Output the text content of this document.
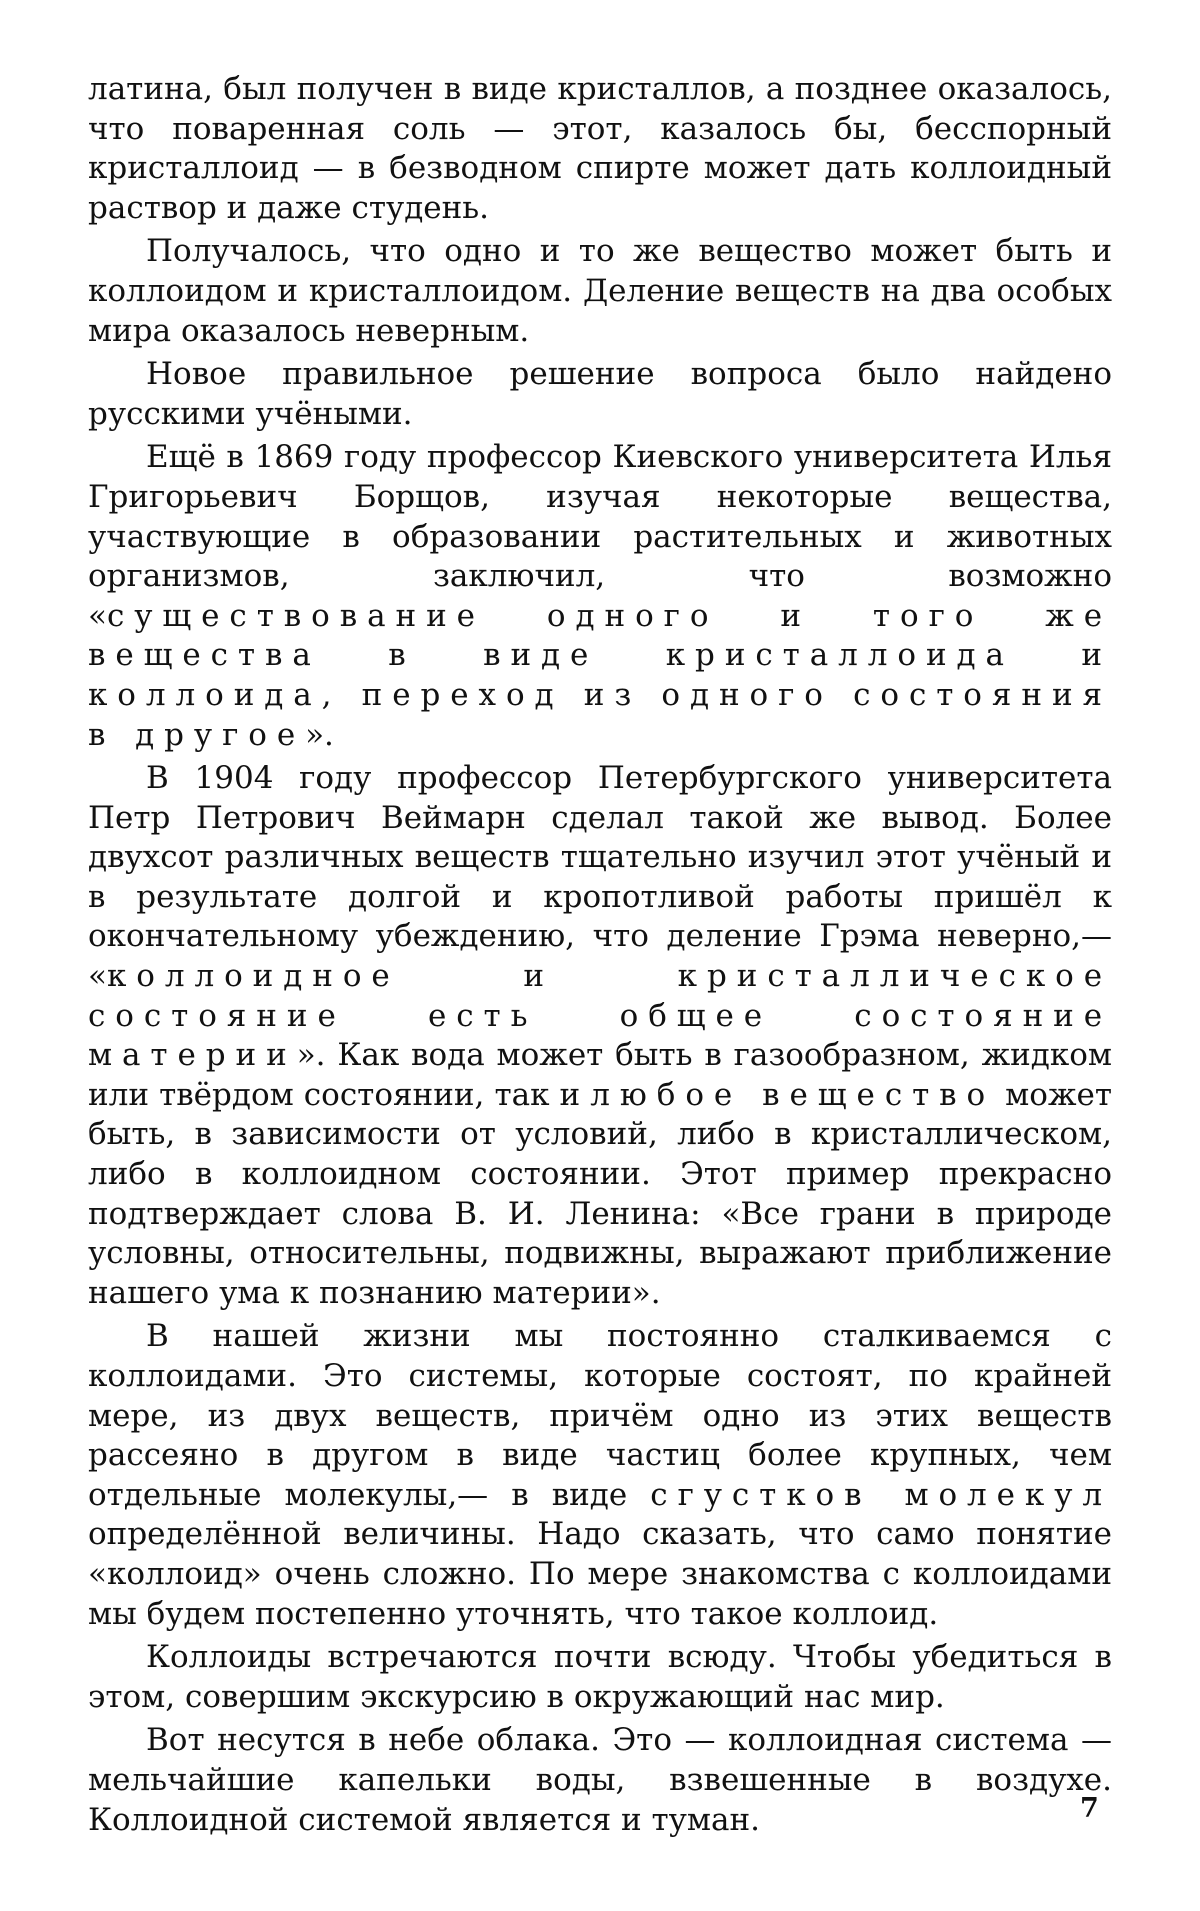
латина, был получен в виде кристаллов, а позднее оказалось, что поваренная соль — этот, казалось бы, бесспорный кристаллоид — в безводном спирте может дать коллоидный раствор и даже студень.

Получалось, что одно и то же вещество может быть и коллоидом и кристаллоидом. Деление веществ на два особых мира оказалось неверным.

Новое правильное решение вопроса было найдено русскими учёными.

Ещё в 1869 году профессор Киевского университета Илья Григорьевич Борщов, изучая некоторые вещества, участвующие в образовании растительных и животных организмов, заключил, что возможно «существование одного и того же вещества в виде кристаллоида и коллоида, переход из одного состояния в другое».

В 1904 году профессор Петербургского университета Петр Петрович Веймарн сделал такой же вывод. Более двухсот различных веществ тщательно изучил этот учёный и в результате долгой и кропотливой работы пришёл к окончательному убеждению, что деление Грэма неверно,— «коллоидное и кристаллическое состояние есть общее состояние материи». Как вода может быть в газообразном, жидком или твёрдом состоянии, так и любое вещество может быть, в зависимости от условий, либо в кристаллическом, либо в коллоидном состоянии. Этот пример прекрасно подтверждает слова В. И. Ленина: «Все грани в природе условны, относительны, подвижны, выражают приближение нашего ума к познанию материи».

В нашей жизни мы постоянно сталкиваемся с коллоидами. Это системы, которые состоят, по крайней мере, из двух веществ, причём одно из этих веществ рассеяно в другом в виде частиц более крупных, чем отдельные молекулы,— в виде сгустков молекул определённой величины. Надо сказать, что само понятие «коллоид» очень сложно. По мере знакомства с коллоидами мы будем постепенно уточнять, что такое коллоид.

Коллоиды встречаются почти всюду. Чтобы убедиться в этом, совершим экскурсию в окружающий нас мир.

Вот несутся в небе облака. Это — коллоидная система — мельчайшие капельки воды, взвешенные в воздухе. Коллоидной системой является и туман.	7
